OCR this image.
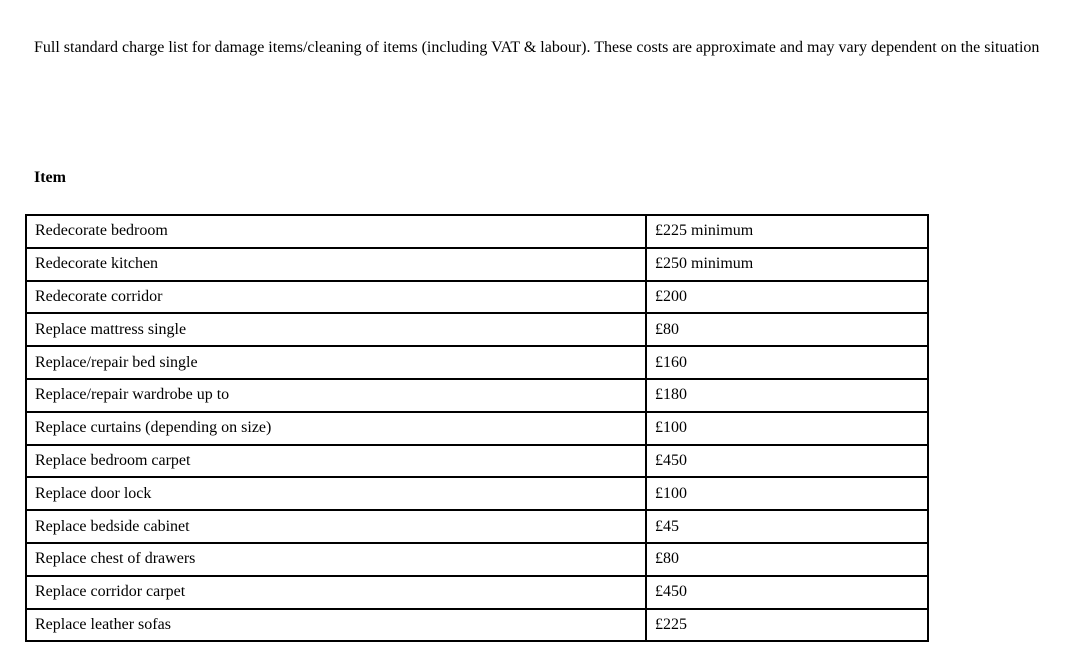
Full standard charge list for damage items/cleaning of items (including VAT & labour). These costs are approximate and may vary dependent on the situation

Item

Redecorate bedroom	£225 minimum
Redecorate kitchen	£250 minimum
Redecorate corridor	£200
Replace mattress single	£80
Replace/repair bed single	£160
Replace/repair wardrobe up to	£180
Replace curtains (depending on size)	£100
Replace bedroom carpet	£450
Replace door lock	£100
Replace bedside cabinet	£45
Replace chest of drawers	£80
Replace corridor carpet	£450
Replace leather sofas	£225
